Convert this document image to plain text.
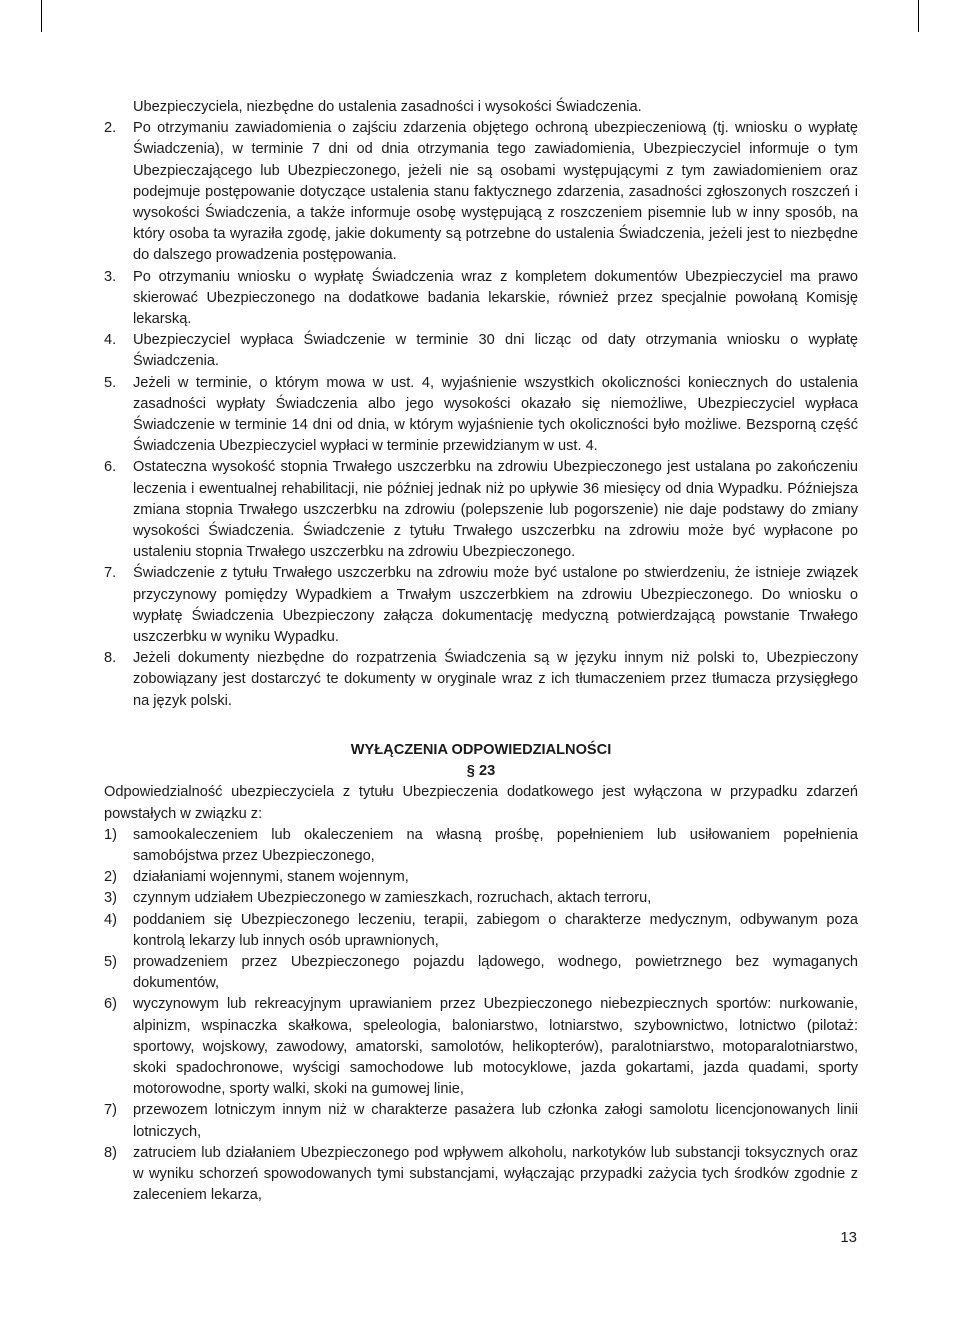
Ubezpieczyciela, niezbędne do ustalenia zasadności i wysokości Świadczenia.
2.	Po otrzymaniu zawiadomienia o zajściu zdarzenia objętego ochroną ubezpieczeniową (tj. wniosku o wypłatę Świadczenia), w terminie 7 dni od dnia otrzymania tego zawiadomienia, Ubezpieczyciel informuje o tym Ubezpieczającego lub Ubezpieczonego, jeżeli nie są osobami występującymi z tym zawiadomieniem oraz podejmuje postępowanie dotyczące ustalenia stanu faktycznego zdarzenia, zasadności zgłoszonych roszczeń i wysokości Świadczenia, a także informuje osobę występującą z roszczeniem pisemnie lub w inny sposób, na który osoba ta wyraziła zgodę, jakie dokumenty są potrzebne do ustalenia Świadczenia, jeżeli jest to niezbędne do dalszego prowadzenia postępowania.
3.	Po otrzymaniu wniosku o wypłatę Świadczenia wraz z kompletem dokumentów Ubezpieczyciel ma prawo skierować Ubezpieczonego na dodatkowe badania lekarskie, również przez specjalnie powołaną Komisję lekarską.
4.	Ubezpieczyciel wypłaca Świadczenie w terminie 30 dni licząc od daty otrzymania wniosku o wypłatę Świadczenia.
5.	Jeżeli w terminie, o którym mowa w ust. 4, wyjaśnienie wszystkich okoliczności koniecznych do ustalenia zasadności wypłaty Świadczenia albo jego wysokości okazało się niemożliwe, Ubezpieczyciel wypłaca Świadczenie w terminie 14 dni od dnia, w którym wyjaśnienie tych okoliczności było możliwe. Bezsporną część Świadczenia Ubezpieczyciel wypłaci w terminie przewidzianym w ust. 4.
6.	Ostateczna wysokość stopnia Trwałego uszczerbku na zdrowiu Ubezpieczonego jest ustalana po zakończeniu leczenia i ewentualnej rehabilitacji, nie później jednak niż po upływie 36 miesięcy od dnia Wypadku. Późniejsza zmiana stopnia Trwałego uszczerbku na zdrowiu (polepszenie lub pogorszenie) nie daje podstawy do zmiany wysokości Świadczenia. Świadczenie z tytułu Trwałego uszczerbku na zdrowiu może być wypłacone po ustaleniu stopnia Trwałego uszczerbku na zdrowiu Ubezpieczonego.
7.	Świadczenie z tytułu Trwałego uszczerbku na zdrowiu może być ustalone po stwierdzeniu, że istnieje związek przyczynowy pomiędzy Wypadkiem a Trwałym uszczerbkiem na zdrowiu Ubezpieczonego. Do wniosku o wypłatę Świadczenia Ubezpieczony załącza dokumentację medyczną potwierdzającą powstanie Trwałego uszczerbku w wyniku Wypadku.
8.	Jeżeli dokumenty niezbędne do rozpatrzenia Świadczenia są w języku innym niż polski to, Ubezpieczony zobowiązany jest dostarczyć te dokumenty w oryginale wraz z ich tłumaczeniem przez tłumacza przysięgłego na język polski.
WYŁĄCZENIA ODPOWIEDZIALNOŚCI
§ 23
Odpowiedzialność ubezpieczyciela z tytułu Ubezpieczenia dodatkowego jest wyłączona w przypadku zdarzeń powstałych w związku z:
1)	samookaleczeniem lub okaleczeniem na własną prośbę, popełnieniem lub usiłowaniem popełnienia samobójstwa przez Ubezpieczonego,
2)	działaniami wojennymi, stanem wojennym,
3)	czynnym udziałem Ubezpieczonego w zamieszkach, rozruchach, aktach terroru,
4)	poddaniem się Ubezpieczonego leczeniu, terapii, zabiegom o charakterze medycznym, odbywanym poza kontrolą lekarzy lub innych osób uprawnionych,
5)	prowadzeniem przez Ubezpieczonego pojazdu lądowego, wodnego, powietrznego bez wymaganych dokumentów,
6)	wyczynowym lub rekreacyjnym uprawianiem przez Ubezpieczonego niebezpiecznych sportów: nurkowanie, alpinizm, wspinaczka skałkowa, speleologia, baloniarstwo, lotniarstwo, szybownictwo, lotnictwo (pilotaż: sportowy, wojskowy, zawodowy, amatorski, samolotów, helikopterów), paralotniarstwo, motoparalotniarstwo, skoki spadochronowe, wyścigi samochodowe lub motocyklowe, jazda gokartami, jazda quadami, sporty motorowodne, sporty walki, skoki na gumowej linie,
7)	przewozem lotniczym innym niż w charakterze pasażera lub członka załogi samolotu licencjonowanych linii lotniczych,
8)	zatruciem lub działaniem Ubezpieczonego pod wpływem alkoholu, narkotyków lub substancji toksycznych oraz w wyniku schorzeń spowodowanych tymi substancjami, wyłączając przypadki zażycia tych środków zgodnie z zaleceniem lekarza,
13
